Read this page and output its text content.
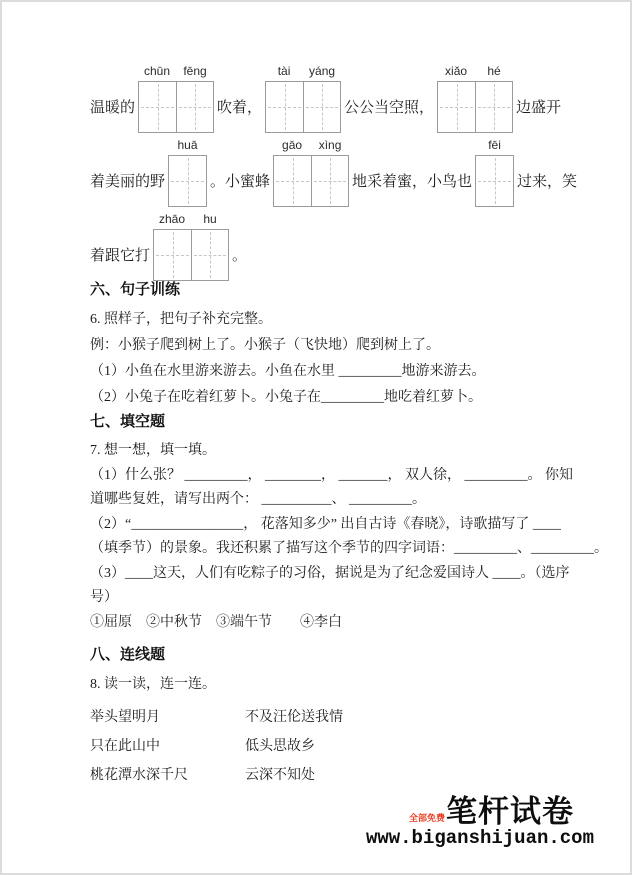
温暖的
chūn	fēng
吹着，
tài	yáng
公公当空照，
xiǎo	hé
边盛开
着美丽的野
huā
。小蜜蜂
gāo	xìng
地采着蜜，小鸟也
fēi
过来，笑
着跟它打
zhāo	hu
。
六、句子训练

6. 照样子，把句子补充完整。

例：小猴子爬到树上了。小猴子（飞快地）爬到树上了。

（1）小鱼在水里游来游去。小鱼在水里 _________地游来游去。

（2）小兔子在吃着红萝卜。小兔子在_________地吃着红萝卜。

七、填空题

7. 想一想，填一填。

（1）什么张？ _________， ________， _______， 双人徐， _________。 你知

道哪些复姓，请写出两个： __________、 _________。

（2）“________________， 花落知多少” 出自古诗《春晓》，诗歌描写了 ____

（填季节）的景象。我还积累了描写这个季节的四字词语：_________、_________。

（3）____这天，人们有吃粽子的习俗，据说是为了纪念爱国诗人 ____。（选序

号）

①屈原　②中秋节　③端午节　　④李白

八、连线题

8. 读一读，连一连。

举头望明月	不及汪伦送我情
只在此山中	低头思故乡
桃花潭水深千尺	云深不知处
全部免费 笔杆试卷
www.biganshijuan.com
